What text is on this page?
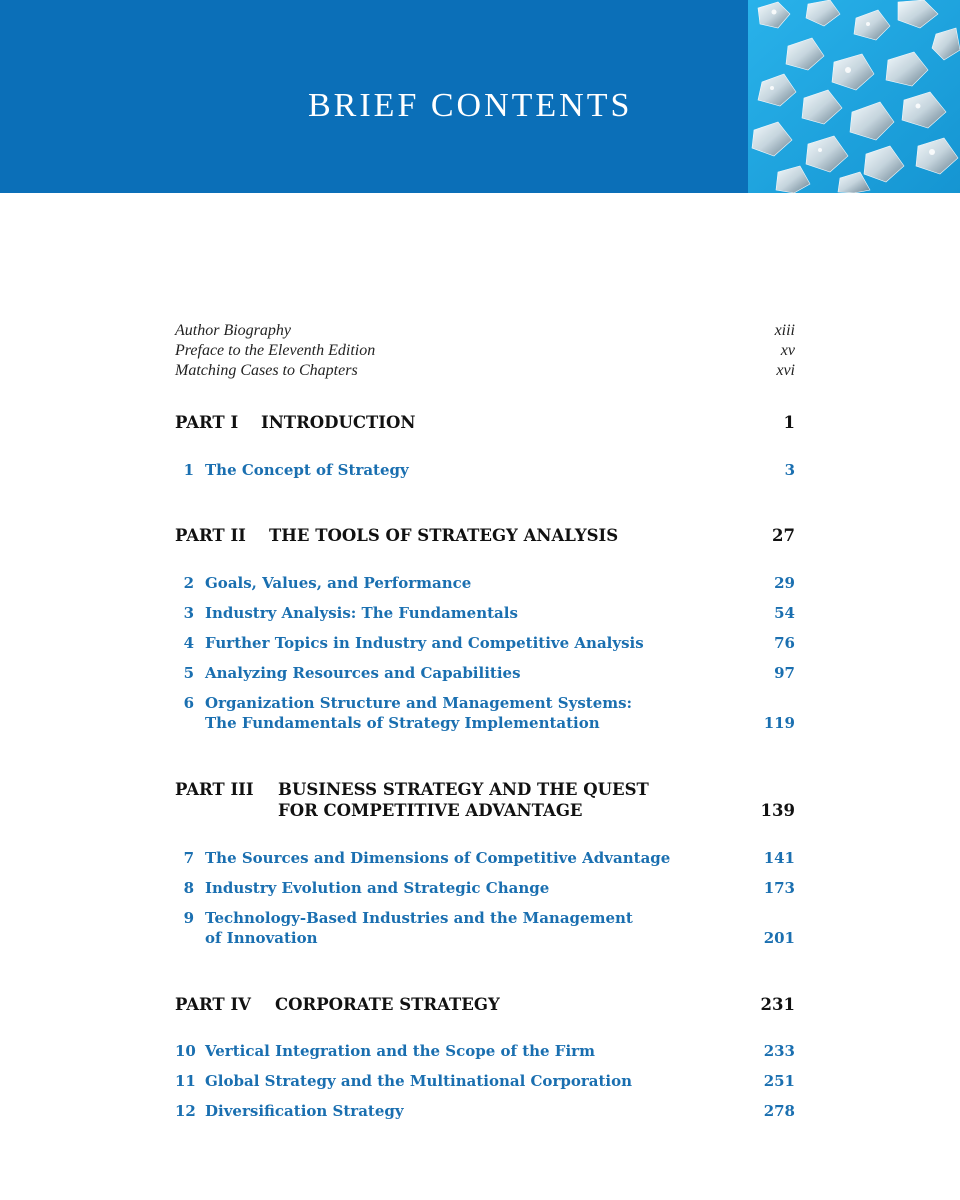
BRIEF CONTENTS
Author Biography	xiii
Preface to the Eleventh Edition	xv
Matching Cases to Chapters	xvi
PART I INTRODUCTION	1
1 The Concept of Strategy	3
PART II THE TOOLS OF STRATEGY ANALYSIS	27
2 Goals, Values, and Performance	29
3 Industry Analysis: The Fundamentals	54
4 Further Topics in Industry and Competitive Analysis	76
5 Analyzing Resources and Capabilities	97
6 Organization Structure and Management Systems:
The Fundamentals of Strategy Implementation	119
PART III BUSINESS STRATEGY AND THE QUEST
FOR COMPETITIVE ADVANTAGE	139
7 The Sources and Dimensions of Competitive Advantage	141
8 Industry Evolution and Strategic Change	173
9 Technology-Based Industries and the Management
of Innovation	201
PART IV CORPORATE STRATEGY	231
10 Vertical Integration and the Scope of the Firm	233
11 Global Strategy and the Multinational Corporation	251
12 Diversification Strategy	278
